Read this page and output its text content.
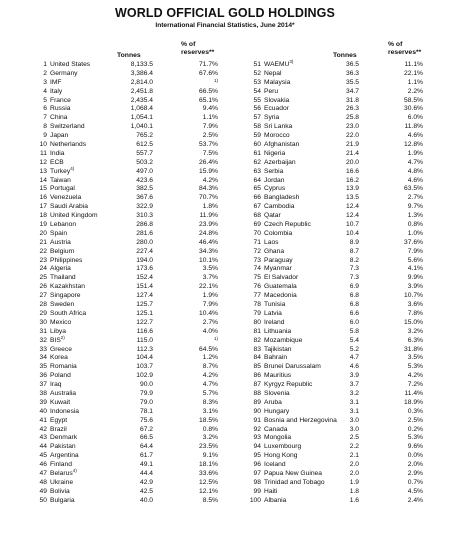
WORLD OFFICIAL GOLD HOLDINGS
International Financial Statistics, June 2014*
Tonnes
% of
reserves**
1 United States	8,133.5	71.7%
2 Germany	3,386.4	67.6%
3 IMF	2,814.0	1)
4 Italy	2,451.8	66.5%
5 France	2,435.4	65.1%
6 Russia	1,068.4	9.4%
7 China	1,054.1	1.1%
8 Switzerland	1,040.1	7.9%
9 Japan	765.2	2.5%
10 Netherlands	612.5	53.7%
11 India	557.7	7.5%
12 ECB	503.2	26.4%
13 Turkey$^{4)}$	497.0	15.9%
14 Taiwan	423.6	4.2%
15 Portugal	382.5	84.3%
16 Venezuela	367.6	70.7%
17 Saudi Arabia	322.9	1.8%
18 United Kingdom	310.3	11.9%
19 Lebanon	286.8	23.9%
20 Spain	281.6	24.8%
21 Austria	280.0	46.4%
22 Belgium	227.4	34.3%
23 Philippines	194.0	10.1%
24 Algeria	173.6	3.5%
25 Thailand	152.4	3.7%
26 Kazakhstan	151.4	22.1%
27 Singapore	127.4	1.9%
28 Sweden	125.7	7.9%
29 South Africa	125.1	10.4%
30 Mexico	122.7	2.7%
31 Libya	116.6	4.0%
32 BIS$^{2)}$	115.0	1)
33 Greece	112.3	64.5%
34 Korea	104.4	1.2%
35 Romania	103.7	8.7%
36 Poland	102.9	4.2%
37 Iraq	90.0	4.7%
38 Australia	79.9	5.7%
39 Kuwait	79.0	8.3%
40 Indonesia	78.1	3.1%
41 Egypt	75.6	18.5%
42 Brazil	67.2	0.8%
43 Denmark	66.5	3.2%
44 Pakistan	64.4	23.5%
45 Argentina	61.7	9.1%
46 Finland	49.1	18.1%
47 Belarus$^{4)}$	44.4	33.6%
48 Ukraine	42.9	12.5%
49 Bolivia	42.5	12.1%
50 Bulgaria	40.0	8.5%
Tonnes
% of
reserves**
51 WAEMU$^{3)}$	36.5	11.1%
52 Nepal	36.3	22.1%
53 Malaysia	35.5	1.1%
54 Peru	34.7	2.2%
55 Slovakia	31.8	58.5%
56 Ecuador	26.3	30.6%
57 Syria	25.8	6.0%
58 Sri Lanka	23.0	11.8%
59 Morocco	22.0	4.6%
60 Afghanistan	21.9	12.8%
61 Nigeria	21.4	1.9%
62 Azerbaijan	20.0	4.7%
63 Serbia	16.6	4.8%
64 Jordan	16.2	4.6%
65 Cyprus	13.9	63.5%
66 Bangladesh	13.5	2.7%
67 Cambodia	12.4	9.7%
68 Qatar	12.4	1.3%
69 Czech Republic	10.7	0.8%
70 Colombia	10.4	1.0%
71 Laos	8.9	37.6%
72 Ghana	8.7	7.9%
73 Paraguay	8.2	5.6%
74 Myanmar	7.3	4.1%
75 El Salvador	7.3	9.9%
76 Guatemala	6.9	3.9%
77 Macedonia	6.8	10.7%
78 Tunisia	6.8	3.6%
79 Latvia	6.6	7.8%
80 Ireland	6.0	15.0%
81 Lithuania	5.8	3.2%
82 Mozambique	5.4	6.3%
83 Tajikistan	5.2	31.8%
84 Bahrain	4.7	3.5%
85 Brunei Darussalam	4.6	5.3%
86 Mauritius	3.9	4.2%
87 Kyrgyz Republic	3.7	7.2%
88 Slovenia	3.2	11.4%
89 Aruba	3.1	18.9%
90 Hungary	3.1	0.3%
91 Bosnia and Herzegovina 3.0	2.5%
92 Canada	3.0	0.2%
93 Mongolia	2.5	5.3%
94 Luxembourg	2.2	9.6%
95 Hong Kong	2.1	0.0%
96 Iceland	2.0	2.0%
97 Papua New Guinea	2.0	2.9%
98 Trinidad and Tobago	1.9	0.7%
99 Haiti	1.8	4.5%
100 Albania	1.6	2.4%
